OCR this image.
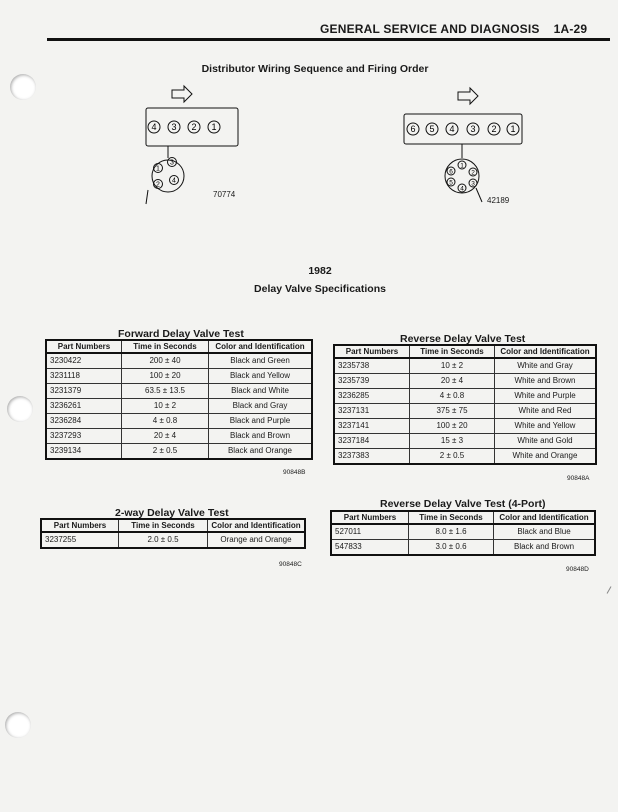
GENERAL SERVICE AND DIAGNOSIS 1A-29
Distributor Wiring Sequence and Firing Order
4 3 2 1
1
3
2
4
70774
6 5 4 3 2 1
1
2
3
4
5
6
42189
1982
Delay Valve Specifications
Forward Delay Valve Test
Part Numbers	Time in Seconds	Color and Identification
3230422	200 ± 40	Black and Green
3231118	100 ± 20	Black and Yellow
3231379	63.5 ± 13.5	Black and White
3236261	10 ± 2	Black and Gray
3236284	4 ± 0.8	Black and Purple
3237293	20 ± 4	Black and Brown
3239134	2 ± 0.5	Black and Orange
90848B
Reverse Delay Valve Test
Part Numbers	Time in Seconds	Color and Identification
3235738	10 ± 2	White and Gray
3235739	20 ± 4	White and Brown
3236285	4 ± 0.8	White and Purple
3237131	375 ± 75	White and Red
3237141	100 ± 20	White and Yellow
3237184	15 ± 3	White and Gold
3237383	2 ± 0.5	White and Orange
90848A
2-way Delay Valve Test
Part Numbers	Time in Seconds	Color and Identification
3237255	2.0 ± 0.5	Orange and Orange
90848C
Reverse Delay Valve Test (4-Port)
Part Numbers	Time in Seconds	Color and Identification
527011	8.0 ± 1.6	Black and Blue
547833	3.0 ± 0.6	Black and Brown
90848D
